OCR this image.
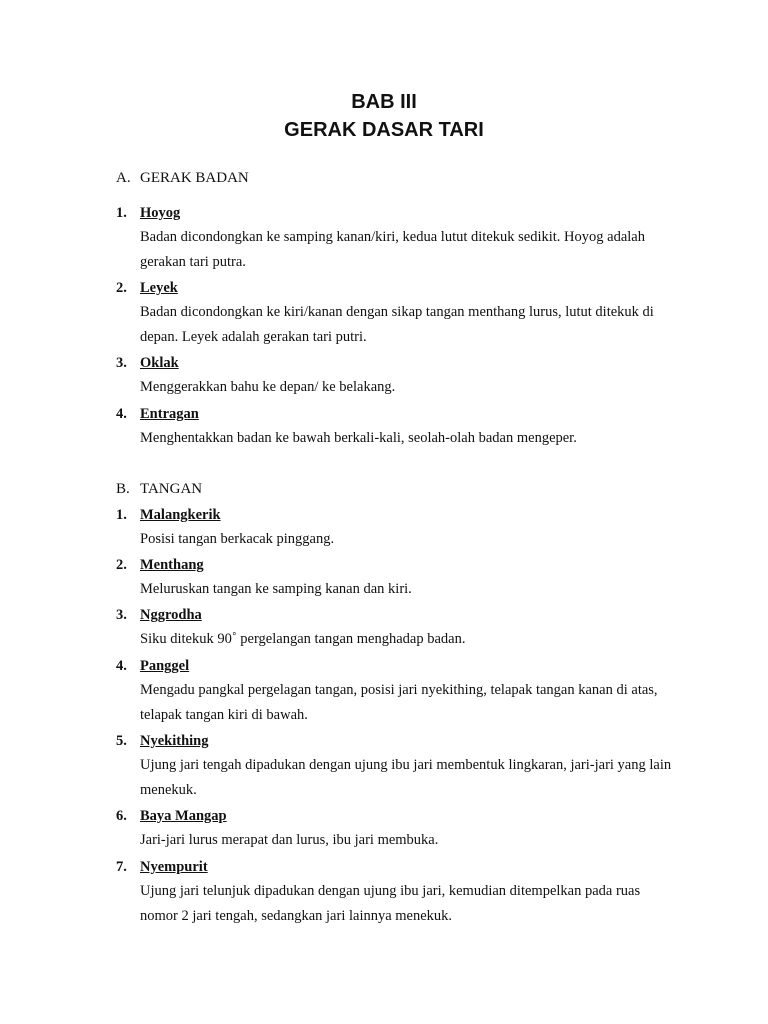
BAB III
GERAK DASAR TARI
A. GERAK BADAN
1. Hoyog
Badan dicondongkan ke samping kanan/kiri, kedua lutut ditekuk sedikit. Hoyog adalah gerakan tari putra.
2. Leyek
Badan dicondongkan ke kiri/kanan dengan sikap tangan menthang lurus, lutut ditekuk di depan. Leyek adalah gerakan tari putri.
3. Oklak
Menggerakkan bahu ke depan/ ke belakang.
4. Entragan
Menghentakkan badan ke bawah berkali-kali, seolah-olah badan mengeper.
B. TANGAN
1. Malangkerik
Posisi tangan berkacak pinggang.
2. Menthang
Meluruskan tangan ke samping kanan dan kiri.
3. Nggrodha
Siku ditekuk 90˚ pergelangan tangan menghadap badan.
4. Panggel
Mengadu pangkal pergelagan tangan, posisi jari nyekithing, telapak tangan kanan di atas, telapak tangan kiri di bawah.
5. Nyekithing
Ujung jari tengah dipadukan dengan ujung ibu jari membentuk lingkaran, jari-jari yang lain menekuk.
6. Baya Mangap
Jari-jari lurus merapat dan lurus, ibu jari membuka.
7. Nyempurit
Ujung jari telunjuk dipadukan dengan ujung ibu jari, kemudian ditempelkan pada ruas nomor 2 jari tengah, sedangkan jari lainnya menekuk.
